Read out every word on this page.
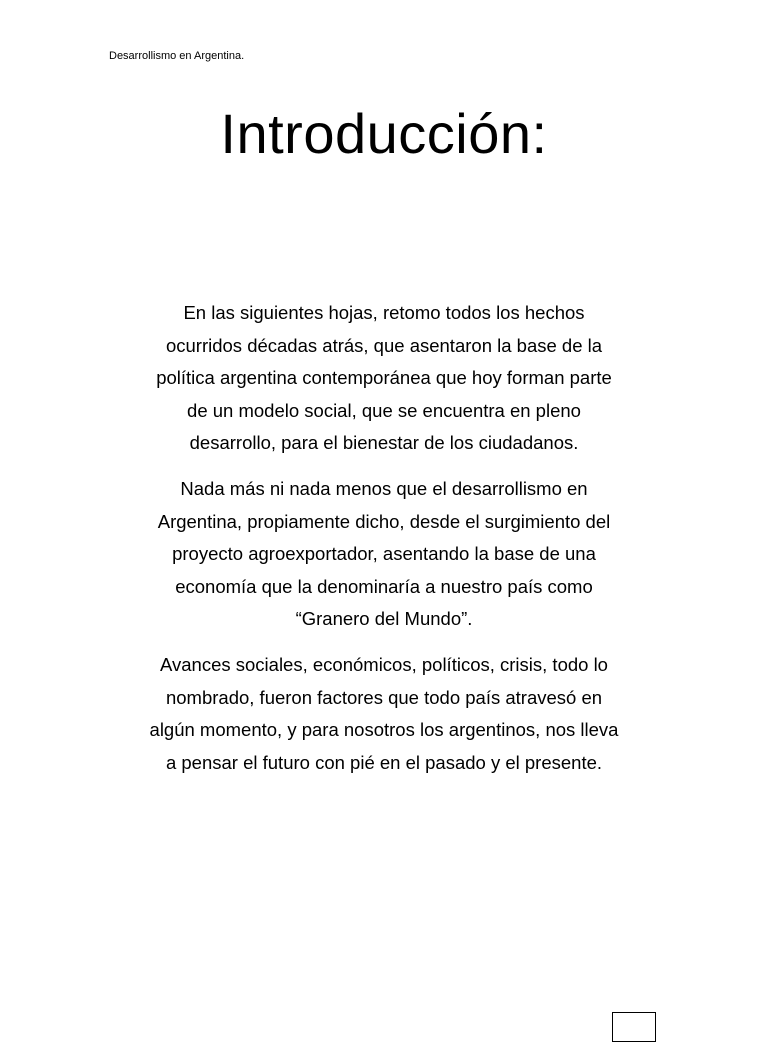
Desarrollismo en Argentina.
Introducción:

En las siguientes hojas, retomo todos los hechos
ocurridos décadas atrás, que asentaron la base de la
política argentina contemporánea que hoy forman parte
de un modelo social, que se encuentra en pleno
desarrollo, para el bienestar de los ciudadanos.

Nada más ni nada menos que el desarrollismo en
Argentina, propiamente dicho, desde el surgimiento del
proyecto agroexportador, asentando la base de una
economía que la denominaría a nuestro país como
“Granero del Mundo”.

Avances sociales, económicos, políticos, crisis, todo lo
nombrado, fueron factores que todo país atravesó en
algún momento, y para nosotros los argentinos, nos lleva
a pensar el futuro con pié en el pasado y el presente.
